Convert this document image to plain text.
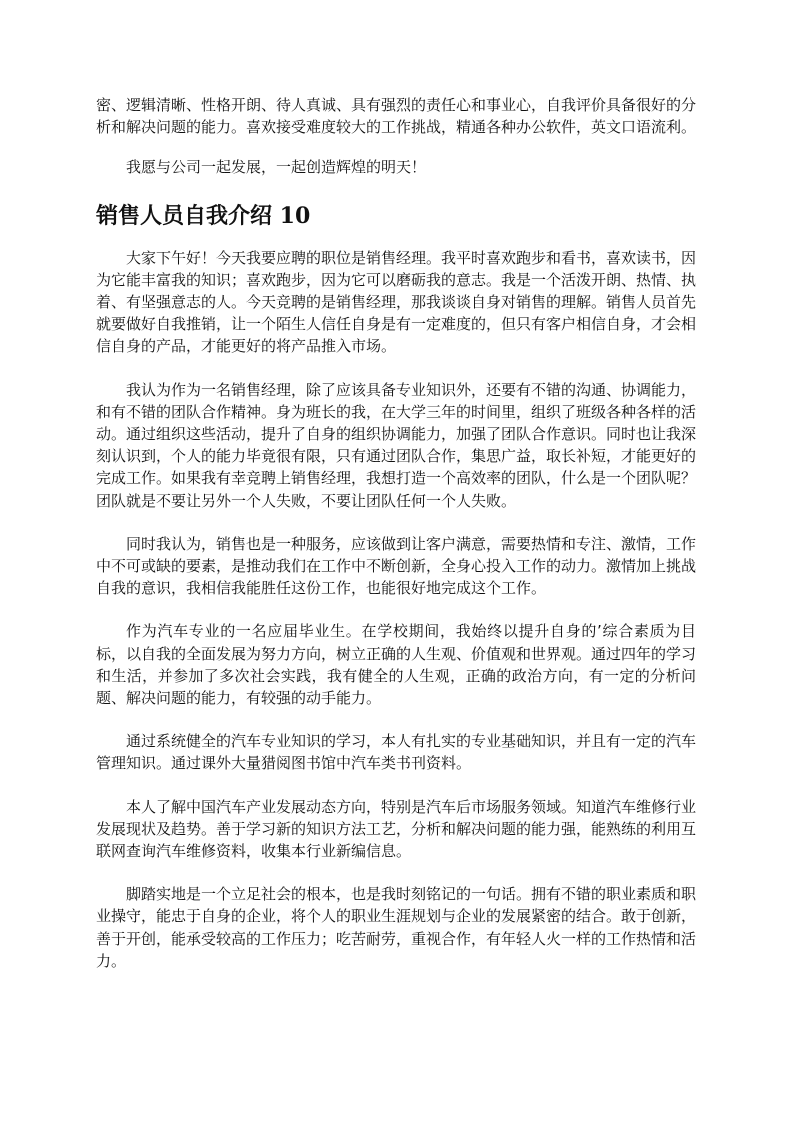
密、逻辑清晰、性格开朗、待人真诚、具有强烈的责任心和事业心，自我评价具备很好的分析和解决问题的能力。喜欢接受难度较大的工作挑战，精通各种办公软件，英文口语流利。

我愿与公司一起发展，一起创造辉煌的明天！

销售人员自我介绍 10

大家下午好！今天我要应聘的职位是销售经理。我平时喜欢跑步和看书，喜欢读书，因为它能丰富我的知识；喜欢跑步，因为它可以磨砺我的意志。我是一个活泼开朗、热情、执着、有坚强意志的人。今天竞聘的是销售经理，那我谈谈自身对销售的理解。销售人员首先就要做好自我推销，让一个陌生人信任自身是有一定难度的，但只有客户相信自身，才会相信自身的产品，才能更好的将产品推入市场。

我认为作为一名销售经理，除了应该具备专业知识外，还要有不错的沟通、协调能力，和有不错的团队合作精神。身为班长的我，在大学三年的时间里，组织了班级各种各样的活动。通过组织这些活动，提升了自身的组织协调能力，加强了团队合作意识。同时也让我深刻认识到，个人的能力毕竟很有限，只有通过团队合作，集思广益，取长补短，才能更好的完成工作。如果我有幸竞聘上销售经理，我想打造一个高效率的团队，什么是一个团队呢？团队就是不要让另外一个人失败，不要让团队任何一个人失败。

同时我认为，销售也是一种服务，应该做到让客户满意，需要热情和专注、激情，工作中不可或缺的要素，是推动我们在工作中不断创新，全身心投入工作的动力。激情加上挑战自我的意识，我相信我能胜任这份工作，也能很好地完成这个工作。

作为汽车专业的一名应届毕业生。在学校期间，我始终以提升自身的’综合素质为目标，以自我的全面发展为努力方向，树立正确的人生观、价值观和世界观。通过四年的学习和生活，并参加了多次社会实践，我有健全的人生观，正确的政治方向，有一定的分析问题、解决问题的能力，有较强的动手能力。

通过系统健全的汽车专业知识的学习，本人有扎实的专业基础知识，并且有一定的汽车管理知识。通过课外大量猎阅图书馆中汽车类书刊资料。

本人了解中国汽车产业发展动态方向，特别是汽车后市场服务领域。知道汽车维修行业发展现状及趋势。善于学习新的知识方法工艺，分析和解决问题的能力强，能熟练的利用互联网查询汽车维修资料，收集本行业新编信息。

脚踏实地是一个立足社会的根本，也是我时刻铭记的一句话。拥有不错的职业素质和职业操守，能忠于自身的企业，将个人的职业生涯规划与企业的发展紧密的结合。敢于创新，善于开创，能承受较高的工作压力；吃苦耐劳，重视合作，有年轻人火一样的工作热情和活力。
